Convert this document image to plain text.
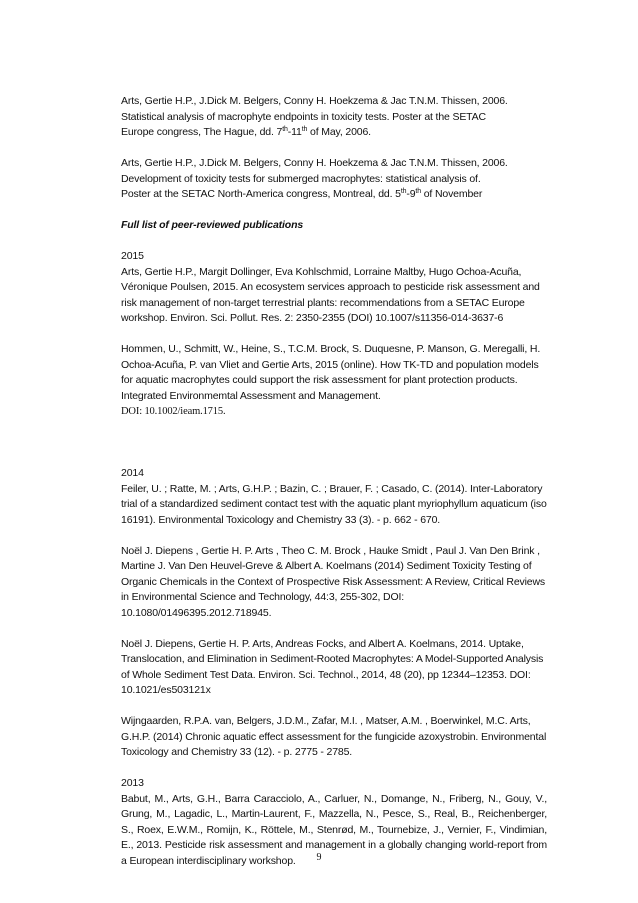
Arts, Gertie H.P., J.Dick M. Belgers, Conny H. Hoekzema & Jac T.N.M. Thissen, 2006.
Statistical analysis of macrophyte endpoints in toxicity tests. Poster at the SETAC
Europe congress, The Hague, dd. 7th-11th of May, 2006.

Arts, Gertie H.P., J.Dick M. Belgers, Conny H. Hoekzema & Jac T.N.M. Thissen, 2006.
Development of toxicity tests for submerged macrophytes: statistical analysis of.
Poster at the SETAC North-America congress, Montreal, dd. 5th-9th of November

Full list of peer-reviewed publications

2015
Arts, Gertie H.P., Margit Dollinger, Eva Kohlschmid, Lorraine Maltby, Hugo Ochoa-Acuña, Véronique Poulsen, 2015. An ecosystem services approach to pesticide risk assessment and risk management of non-target terrestrial plants: recommendations from a SETAC Europe workshop. Environ. Sci. Pollut. Res. 2: 2350-2355 (DOI) 10.1007/s11356-014-3637-6
Hommen, U., Schmitt, W., Heine, S., T.C.M. Brock, S. Duquesne, P. Manson, G. Meregalli, H. Ochoa-Acuña, P. van Vliet and Gertie Arts, 2015 (online). How TK-TD and population models for aquatic macrophytes could support the risk assessment for plant protection products. Integrated Environmemtal Assessment and Management.
DOI: 10.1002/ieam.1715.
2014
Feiler, U. ; Ratte, M. ; Arts, G.H.P. ; Bazin, C. ; Brauer, F. ; Casado, C. (2014). Inter-Laboratory trial of a standardized sediment contact test with the aquatic plant myriophyllum aquaticum (iso 16191). Environmental Toxicology and Chemistry 33 (3). - p. 662 - 670.
Noël J. Diepens , Gertie H. P. Arts , Theo C. M. Brock , Hauke Smidt , Paul J. Van Den Brink , Martine J. Van Den Heuvel-Greve & Albert A. Koelmans (2014) Sediment Toxicity Testing of Organic Chemicals in the Context of Prospective Risk Assessment: A Review, Critical Reviews in Environmental Science and Technology, 44:3, 255-302, DOI: 10.1080/01496395.2012.718945.
Noël J. Diepens, Gertie H. P. Arts, Andreas Focks, and Albert A. Koelmans, 2014. Uptake, Translocation, and Elimination in Sediment-Rooted Macrophytes: A Model-Supported Analysis of Whole Sediment Test Data. Environ. Sci. Technol., 2014, 48 (20), pp 12344–12353. DOI: 10.1021/es503121x
Wijngaarden, R.P.A. van, Belgers, J.D.M., Zafar, M.I. , Matser, A.M. , Boerwinkel, M.C. Arts, G.H.P. (2014) Chronic aquatic effect assessment for the fungicide azoxystrobin. Environmental Toxicology and Chemistry 33 (12). - p. 2775 - 2785.
2013
Babut, M., Arts, G.H., Barra Caracciolo, A., Carluer, N., Domange, N., Friberg, N., Gouy, V., Grung, M., Lagadic, L., Martin-Laurent, F., Mazzella, N., Pesce, S., Real, B., Reichenberger, S., Roex, E.W.M., Romijn, K., Röttele, M., Stenrød, M., Tournebize, J., Vernier, F., Vindimian, E., 2013. Pesticide risk assessment and management in a globally changing world-report from a European interdisciplinary workshop.	9
